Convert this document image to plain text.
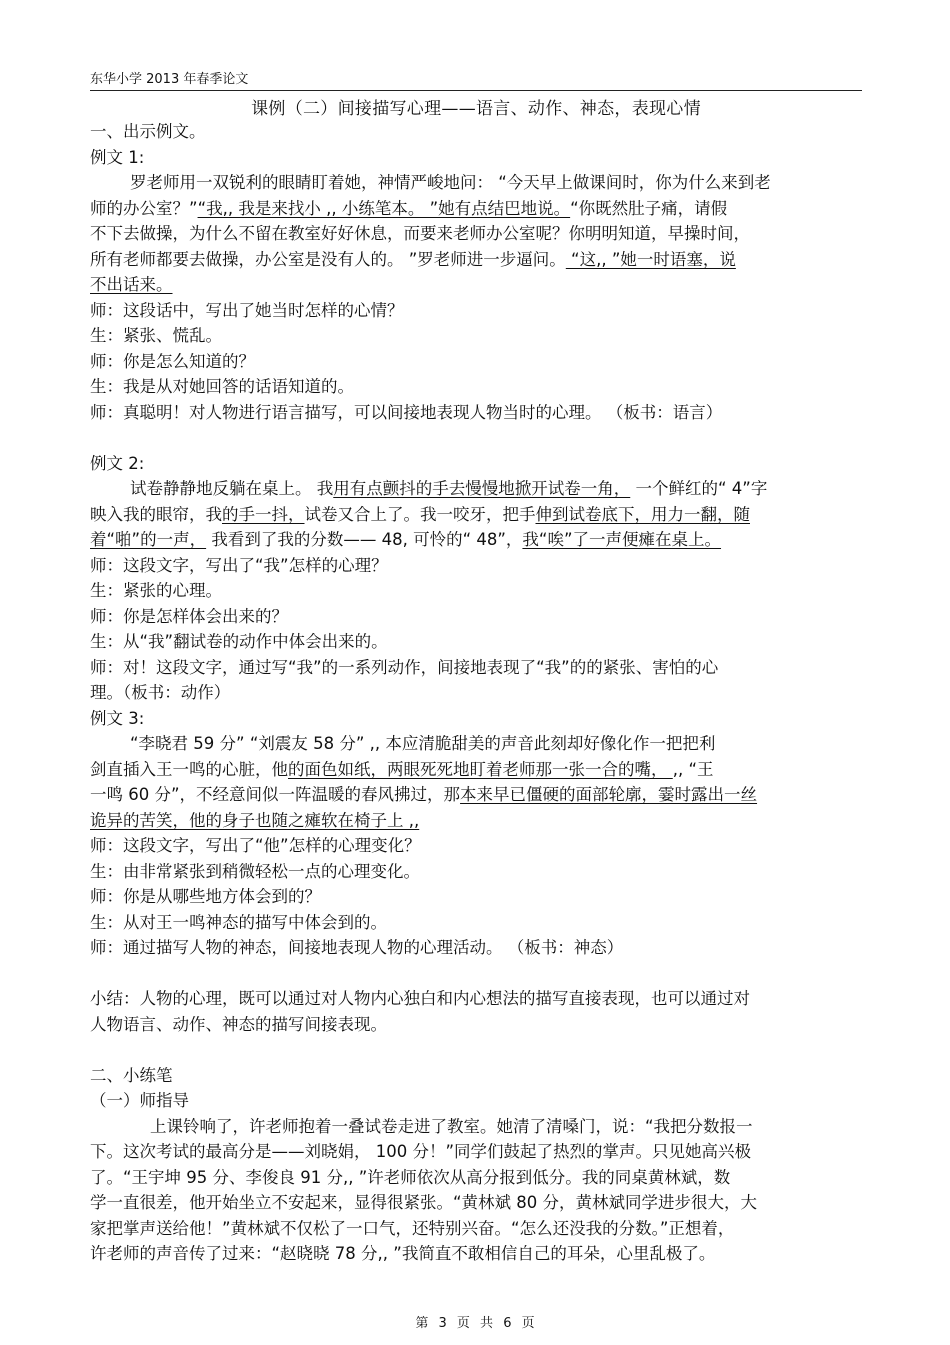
东华小学 2013 年春季论文
课例（二）间接描写心理——语言、动作、神态，表现心情

一、出示例文。

例文 1:

罗老师用一双锐利的眼睛盯着她，神情严峻地问： “今天早上做课间时，你为什么来到老

师的办公室？”“我,, 我是来找小 ,, 小练笔本。 ”她有点结巴地说。“你既然肚子痛，请假

不下去做操，为什么不留在教室好好休息，而要来老师办公室呢？你明明知道，早操时间，

所有老师都要去做操，办公室是没有人的。 ”罗老师进一步逼问。 “这,, ”她一时语塞，说

不出话来。

师：这段话中，写出了她当时怎样的心情？

生：紧张、慌乱。

师：你是怎么知道的？

生：我是从对她回答的话语知道的。

师：真聪明！对人物进行语言描写，可以间接地表现人物当时的心理。 （板书：语言）

例文 2:

试卷静静地反躺在桌上。 我用有点颤抖的手去慢慢地掀开试卷一角， 一个鲜红的“ 4”字

映入我的眼帘，我的手一抖，试卷又合上了。我一咬牙，把手伸到试卷底下，用力一翻，随

着“啪”的一声， 我看到了我的分数—— 48, 可怜的“ 48”，我“唉”了一声便瘫在桌上。

师：这段文字，写出了“我”怎样的心理？

生：紧张的心理。

师：你是怎样体会出来的？

生：从“我”翻试卷的动作中体会出来的。

师：对！这段文字，通过写“我”的一系列动作，间接地表现了“我”的的紧张、害怕的心

理。（板书：动作）

例文 3:

“李晓君 59 分” “刘震友 58 分” ,, 本应清脆甜美的声音此刻却好像化作一把把利

剑直插入王一鸣的心脏，他的面色如纸，两眼死死地盯着老师那一张一合的嘴， ,, “王

一鸣 60 分”，不经意间似一阵温暖的春风拂过，那本来早已僵硬的面部轮廓，霎时露出一丝

诡异的苦笑，他的身子也随之瘫软在椅子上 ,,

师：这段文字，写出了“他”怎样的心理变化？

生：由非常紧张到稍微轻松一点的心理变化。

师：你是从哪些地方体会到的？

生：从对王一鸣神态的描写中体会到的。

师：通过描写人物的神态，间接地表现人物的心理活动。 （板书：神态）

小结：人物的心理，既可以通过对人物内心独白和内心想法的描写直接表现，也可以通过对

人物语言、动作、神态的描写间接表现。

二、小练笔

（一）师指导

上课铃响了，许老师抱着一叠试卷走进了教室。她清了清嗓门，说：“我把分数报一

下。这次考试的最高分是——刘晓娟， 100 分！”同学们鼓起了热烈的掌声。只见她高兴极

了。“王宇坤 95 分、李俊良 91 分,, ”许老师依次从高分报到低分。我的同桌黄林斌，数

学一直很差，他开始坐立不安起来，显得很紧张。“黄林斌 80 分，黄林斌同学进步很大，大

家把掌声送给他！”黄林斌不仅松了一口气，还特别兴奋。“怎么还没我的分数。”正想着，

许老师的声音传了过来：“赵晓晓 78 分,, ”我简直不敢相信自己的耳朵，心里乱极了。

第 3 页 共 6 页
